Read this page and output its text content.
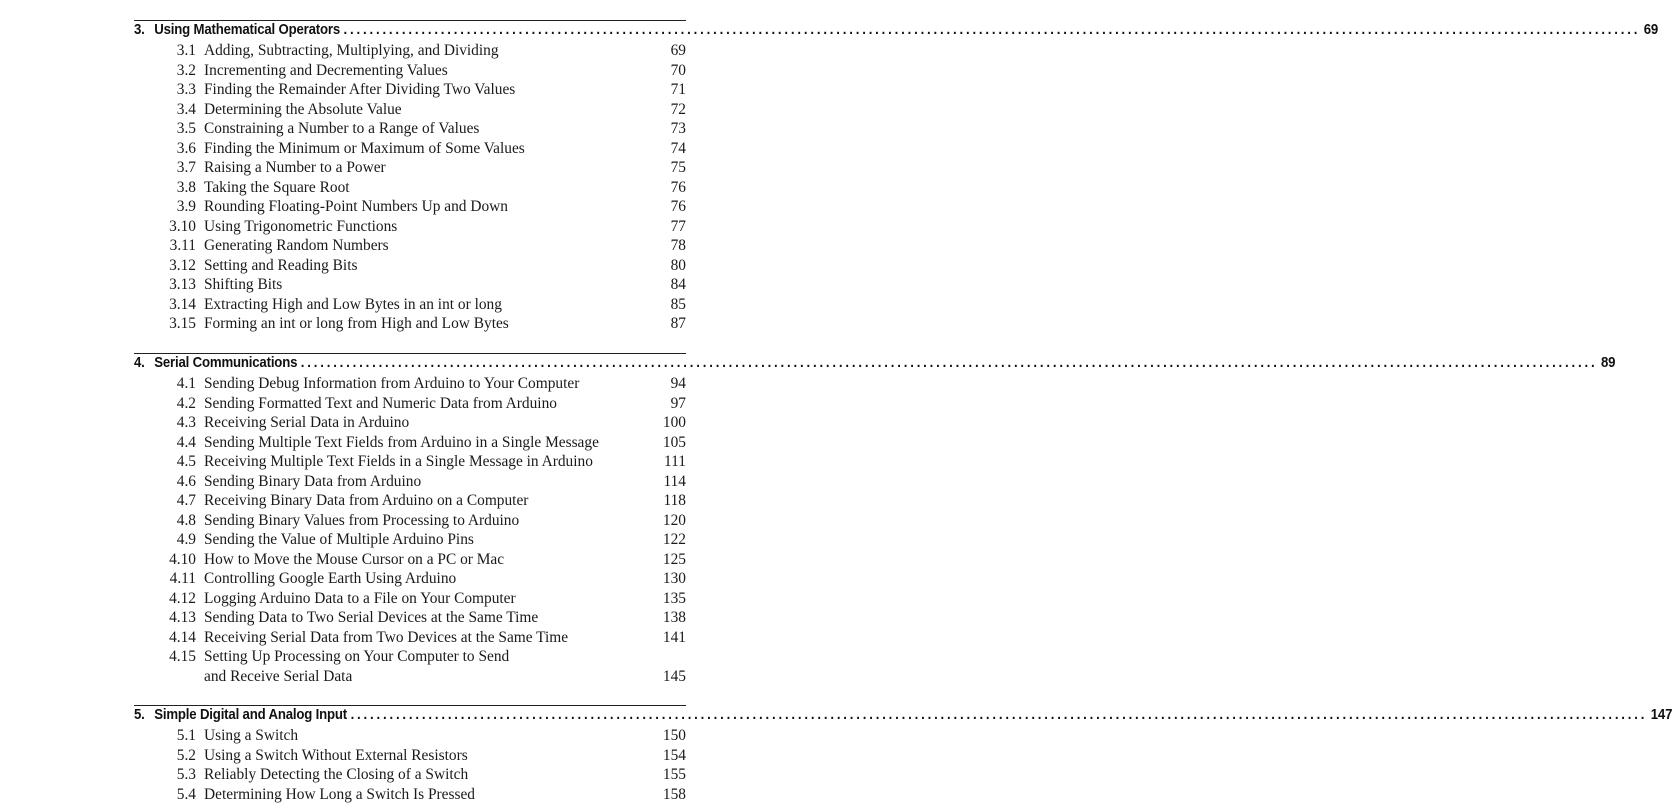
3. Using Mathematical Operators ........................................................................................................................................................................................................ 69
3.1 Adding, Subtracting, Multiplying, and Dividing	69
3.2 Incrementing and Decrementing Values	70
3.3 Finding the Remainder After Dividing Two Values	71
3.4 Determining the Absolute Value	72
3.5 Constraining a Number to a Range of Values	73
3.6 Finding the Minimum or Maximum of Some Values	74
3.7 Raising a Number to a Power	75
3.8 Taking the Square Root	76
3.9 Rounding Floating-Point Numbers Up and Down	76
3.10 Using Trigonometric Functions	77
3.11 Generating Random Numbers	78
3.12 Setting and Reading Bits	80
3.13 Shifting Bits	84
3.14 Extracting High and Low Bytes in an int or long	85
3.15 Forming an int or long from High and Low Bytes	87
4. Serial Communications ........................................................................................................................................................................................................ 89
4.1 Sending Debug Information from Arduino to Your Computer	94
4.2 Sending Formatted Text and Numeric Data from Arduino	97
4.3 Receiving Serial Data in Arduino	100
4.4 Sending Multiple Text Fields from Arduino in a Single Message	105
4.5 Receiving Multiple Text Fields in a Single Message in Arduino	111
4.6 Sending Binary Data from Arduino	114
4.7 Receiving Binary Data from Arduino on a Computer	118
4.8 Sending Binary Values from Processing to Arduino	120
4.9 Sending the Value of Multiple Arduino Pins	122
4.10 How to Move the Mouse Cursor on a PC or Mac	125
4.11 Controlling Google Earth Using Arduino	130
4.12 Logging Arduino Data to a File on Your Computer	135
4.13 Sending Data to Two Serial Devices at the Same Time	138
4.14 Receiving Serial Data from Two Devices at the Same Time	141
4.15 Setting Up Processing on Your Computer to Send
and Receive Serial Data	145
5. Simple Digital and Analog Input ........................................................................................................................................................................................................ 147
5.1 Using a Switch	150
5.2 Using a Switch Without External Resistors	154
5.3 Reliably Detecting the Closing of a Switch	155
5.4 Determining How Long a Switch Is Pressed	158
